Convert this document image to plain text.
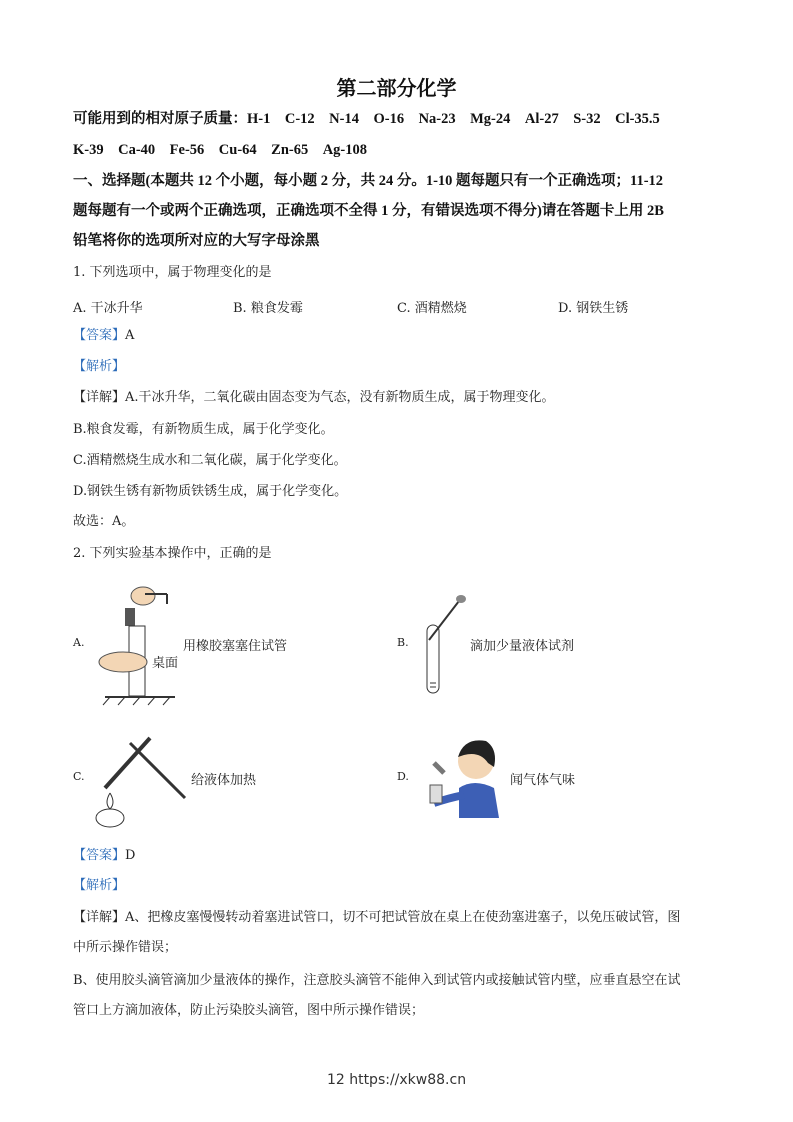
第二部分化学
可能用到的相对原子质量：H-1　C-12　N-14　O-16　Na-23　Mg-24　Al-27　S-32　Cl-35.5
K-39　Ca-40　Fe-56　Cu-64　Zn-65　Ag-108
一、选择题(本题共 12 个小题，每小题 2 分，共 24 分。1-10 题每题只有一个正确选项；11-12
题每题有一个或两个正确选项，正确选项不全得 1 分，有错误选项不得分)请在答题卡上用 2B
铅笔将你的选项所对应的大写字母涂黑
1. 下列选项中，属于物理变化的是
A. 干冰升华	B. 粮食发霉	C. 酒精燃烧	D. 钢铁生锈
【答案】A
【解析】
【详解】A.干冰升华，二氧化碳由固态变为气态，没有新物质生成，属于物理变化。
B.粮食发霉，有新物质生成，属于化学变化。
C.酒精燃烧生成水和二氧化碳，属于化学变化。
D.钢铁生锈有新物质铁锈生成，属于化学变化。
故选：A。
2. 下列实验基本操作中，正确的是
A.
桌面
用橡胶塞塞住试管	B.	滴加少量液体试剂
C.	给液体加热	D.	闻气体气味
【答案】D
【解析】
【详解】A、把橡皮塞慢慢转动着塞进试管口，切不可把试管放在桌上在使劲塞进塞子，以免压破试管，图
中所示操作错误；
B、使用胶头滴管滴加少量液体的操作，注意胶头滴管不能伸入到试管内或接触试管内壁，应垂直悬空在试
管口上方滴加液体，防止污染胶头滴管，图中所示操作错误；
12 https://xkw88.cn
